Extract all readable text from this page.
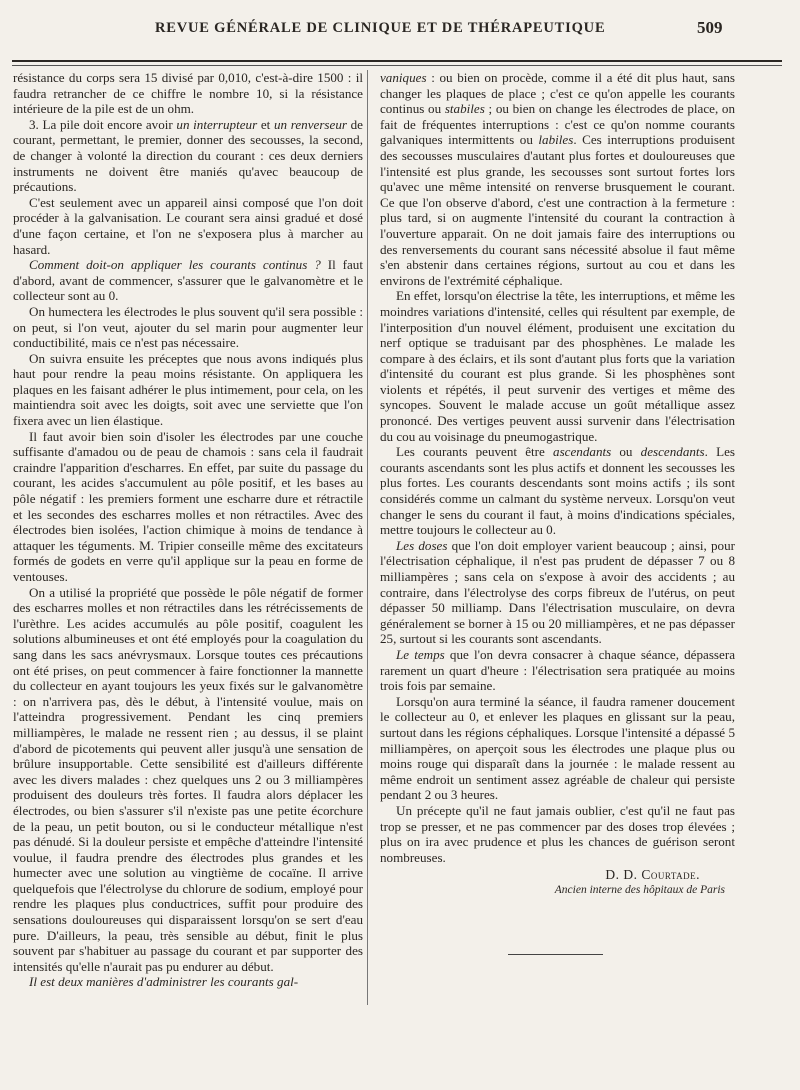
REVUE GÉNÉRALE DE CLINIQUE ET DE THÉRAPEUTIQUE	509

résistance du corps sera 15 divisé par 0,010, c'est-à-dire 1500 : il faudra retrancher de ce chiffre le nombre 10, si la résistance intérieure de la pile est de un ohm.

3. La pile doit encore avoir un interrupteur et un renverseur de courant, permettant, le premier, donner des secousses, la second, de changer à volonté la direction du courant : ces deux derniers instruments ne doivent être maniés qu'avec beaucoup de précautions.

C'est seulement avec un appareil ainsi composé que l'on doit procéder à la galvanisation. Le courant sera ainsi gradué et dosé d'une façon certaine, et l'on ne s'exposera plus à marcher au hasard.

Comment doit-on appliquer les courants continus ? Il faut d'abord, avant de commencer, s'assurer que le galvanomètre et le collecteur sont au 0.

On humectera les électrodes le plus souvent qu'il sera possible : on peut, si l'on veut, ajouter du sel marin pour augmenter leur conductibilité, mais ce n'est pas nécessaire.

On suivra ensuite les préceptes que nous avons indiqués plus haut pour rendre la peau moins résistante. On appliquera les plaques en les faisant adhérer le plus intimement, pour cela, on les maintiendra soit avec les doigts, soit avec une serviette que l'on fixera avec un lien élastique.

Il faut avoir bien soin d'isoler les électrodes par une couche suffisante d'amadou ou de peau de chamois : sans cela il faudrait craindre l'apparition d'escharres. En effet, par suite du passage du courant, les acides s'accumulent au pôle positif, et les bases au pôle négatif : les premiers forment une escharre dure et rétractile et les secondes des escharres molles et non rétractiles. Avec des électrodes bien isolées, l'action chimique à moins de tendance à attaquer les téguments. M. Tripier conseille même des excitateurs formés de godets en verre qu'il applique sur la peau en forme de ventouses.

On a utilisé la propriété que possède le pôle négatif de former des escharres molles et non rétractiles dans les rétrécissements de l'urèthre. Les acides accumulés au pôle positif, coagulent les solutions albumineuses et ont été employés pour la coagulation du sang dans les sacs anévrysmaux. Lorsque toutes ces précautions ont été prises, on peut commencer à faire fonctionner la mannette du collecteur en ayant toujours les yeux fixés sur le galvanomètre : on n'arrivera pas, dès le début, à l'intensité voulue, mais on l'atteindra progressivement. Pendant les cinq premiers milliampères, le malade ne ressent rien ; au dessus, il se plaint d'abord de picotements qui peuvent aller jusqu'à une sensation de brûlure insupportable. Cette sensibilité est d'ailleurs différente avec les divers malades : chez quelques uns 2 ou 3 milliampères produisent des douleurs très fortes. Il faudra alors déplacer les électrodes, ou bien s'assurer s'il n'existe pas une petite écorchure de la peau, un petit bouton, ou si le conducteur métallique n'est pas dénudé. Si la douleur persiste et empêche d'atteindre l'intensité voulue, il faudra prendre des électrodes plus grandes et les humecter avec une solution au vingtième de cocaïne. Il arrive quelquefois que l'électrolyse du chlorure de sodium, employé pour rendre les plaques plus conductrices, suffit pour produire des sensations douloureuses qui disparaissent lorsqu'on se sert d'eau pure. D'ailleurs, la peau, très sensible au début, finit le plus souvent par s'habituer au passage du courant et par supporter des intensités qu'elle n'aurait pas pu endurer au début.

Il est deux manières d'administrer les courants gal-

vaniques : ou bien on procède, comme il a été dit plus haut, sans changer les plaques de place ; c'est ce qu'on appelle les courants continus ou stabiles ; ou bien on change les électrodes de place, on fait de fréquentes interruptions : c'est ce qu'on nomme courants galvaniques intermittents ou labiles. Ces interruptions produisent des secousses musculaires d'autant plus fortes et douloureuses que l'intensité est plus grande, les secousses sont surtout fortes lors qu'avec une même intensité on renverse brusquement le courant. Ce que l'on observe d'abord, c'est une contraction à la fermeture : plus tard, si on augmente l'intensité du courant la contraction à l'ouverture apparait. On ne doit jamais faire des interruptions ou des renversements du courant sans nécessité absolue il faut même s'en abstenir dans certaines régions, surtout au cou et dans les environs de l'extrémité céphalique.

En effet, lorsqu'on électrise la tête, les interruptions, et même les moindres variations d'intensité, celles qui résultent par exemple, de l'interposition d'un nouvel élément, produisent une excitation du nerf optique se traduisant par des phosphènes. Le malade les compare à des éclairs, et ils sont d'autant plus forts que la variation d'intensité du courant est plus grande. Si les phosphènes sont violents et répétés, il peut survenir des vertiges et même des syncopes. Souvent le malade accuse un goût métallique assez prononcé. Des vertiges peuvent aussi survenir dans l'électrisation du cou au voisinage du pneumogastrique.

Les courants peuvent être ascendants ou descendants. Les courants ascendants sont les plus actifs et donnent les secousses les plus fortes. Les courants descendants sont moins actifs ; ils sont considérés comme un calmant du système nerveux. Lorsqu'on veut changer le sens du courant il faut, à moins d'indications spéciales, mettre toujours le collecteur au 0.

Les doses que l'on doit employer varient beaucoup ; ainsi, pour l'électrisation céphalique, il n'est pas prudent de dépasser 7 ou 8 milliampères ; sans cela on s'expose à avoir des accidents ; au contraire, dans l'électrolyse des corps fibreux de l'utérus, on peut dépasser 50 milliamp. Dans l'électrisation musculaire, on devra généralement se borner à 15 ou 20 milliampères, et ne pas dépasser 25, surtout si les courants sont ascendants.

Le temps que l'on devra consacrer à chaque séance, dépassera rarement un quart d'heure : l'électrisation sera pratiquée au moins trois fois par semaine.

Lorsqu'on aura terminé la séance, il faudra ramener doucement le collecteur au 0, et enlever les plaques en glissant sur la peau, surtout dans les régions céphaliques. Lorsque l'intensité a dépassé 5 milliampères, on aperçoit sous les électrodes une plaque plus ou moins rouge qui disparaît dans la journée : le malade ressent au même endroit un sentiment assez agréable de chaleur qui persiste pendant 2 ou 3 heures.

Un précepte qu'il ne faut jamais oublier, c'est qu'il ne faut pas trop se presser, et ne pas commencer par des doses trop élevées ; plus on ira avec prudence et plus les chances de guérison seront nombreuses.

D. D. Courtade.
Ancien interne des hôpitaux de Paris
